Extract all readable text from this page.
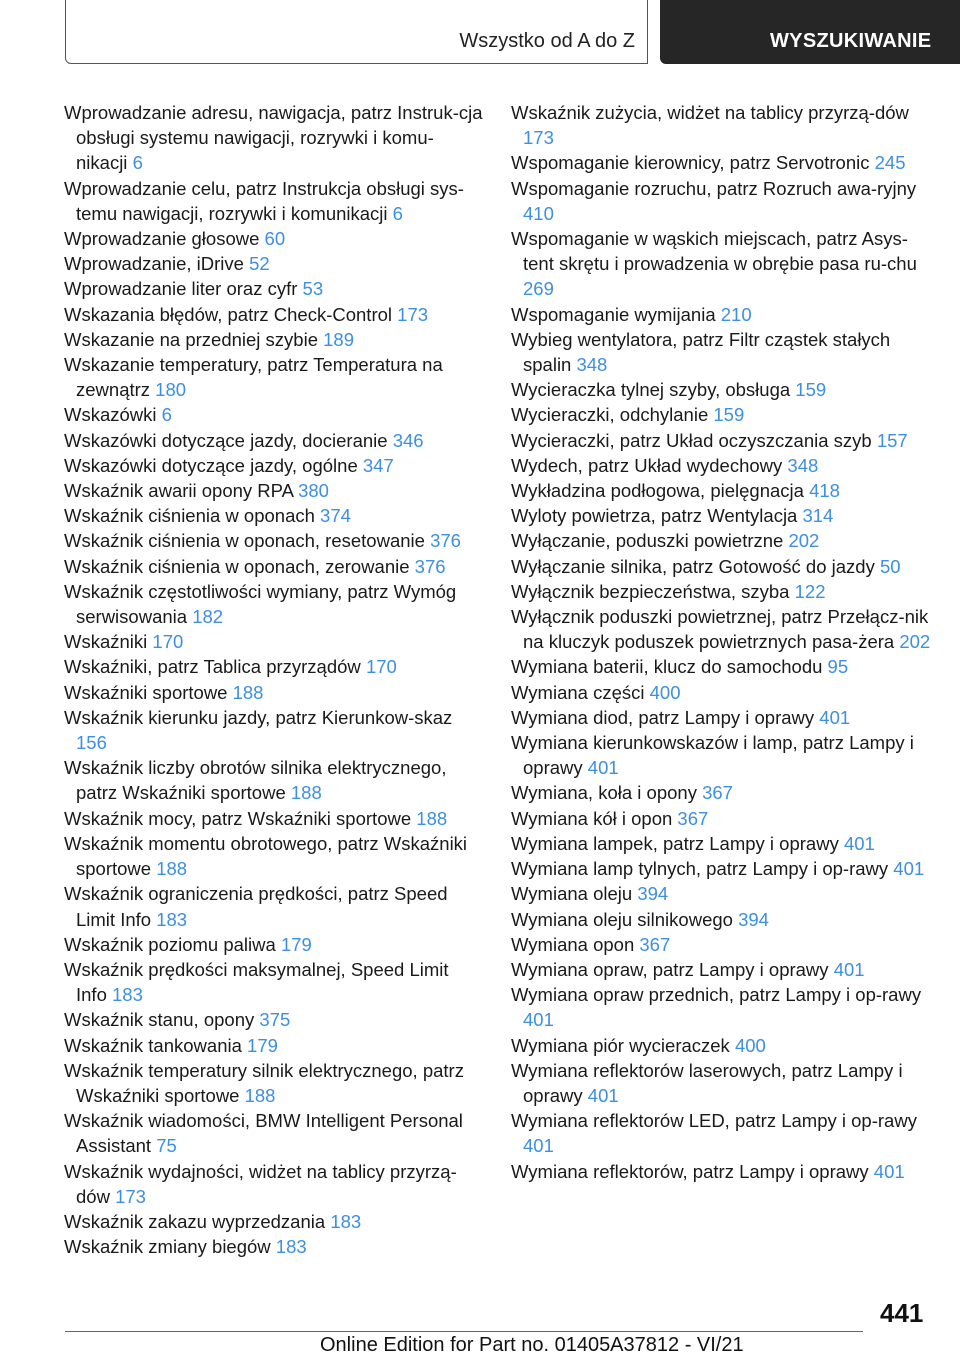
Wszystko od A do Z	WYSZUKIWANIE

Wprowadzanie adresu, nawigacja, patrz Instruk-cja obsługi systemu nawigacji, rozrywki i komu-nikacji 6

Wprowadzanie celu, patrz Instrukcja obsługi sys-temu nawigacji, rozrywki i komunikacji 6

Wprowadzanie głosowe 60

Wprowadzanie, iDrive 52

Wprowadzanie liter oraz cyfr 53

Wskazania błędów, patrz Check-Control 173

Wskazanie na przedniej szybie 189

Wskazanie temperatury, patrz Temperatura na zewnątrz 180

Wskazówki 6

Wskazówki dotyczące jazdy, docieranie 346

Wskazówki dotyczące jazdy, ogólne 347

Wskaźnik awarii opony RPA 380

Wskaźnik ciśnienia w oponach 374

Wskaźnik ciśnienia w oponach, resetowanie 376

Wskaźnik ciśnienia w oponach, zerowanie 376

Wskaźnik częstotliwości wymiany, patrz Wymóg serwisowania 182

Wskaźniki 170

Wskaźniki, patrz Tablica przyrządów 170

Wskaźniki sportowe 188

Wskaźnik kierunku jazdy, patrz Kierunkow-skaz 156

Wskaźnik liczby obrotów silnika elektrycznego, patrz Wskaźniki sportowe 188

Wskaźnik mocy, patrz Wskaźniki sportowe 188

Wskaźnik momentu obrotowego, patrz Wskaźniki sportowe 188

Wskaźnik ograniczenia prędkości, patrz Speed Limit Info 183

Wskaźnik poziomu paliwa 179

Wskaźnik prędkości maksymalnej, Speed Limit Info 183

Wskaźnik stanu, opony 375

Wskaźnik tankowania 179

Wskaźnik temperatury silnik elektrycznego, patrz Wskaźniki sportowe 188

Wskaźnik wiadomości, BMW Intelligent Personal Assistant 75

Wskaźnik wydajności, widżet na tablicy przyrzą-dów 173

Wskaźnik zakazu wyprzedzania 183

Wskaźnik zmiany biegów 183

Wskaźnik zużycia, widżet na tablicy przyrzą-dów 173

Wspomaganie kierownicy, patrz Servotronic 245

Wspomaganie rozruchu, patrz Rozruch awa-ryjny 410

Wspomaganie w wąskich miejscach, patrz Asys-tent skrętu i prowadzenia w obrębie pasa ru-chu 269

Wspomaganie wymijania 210

Wybieg wentylatora, patrz Filtr cząstek stałych spalin 348

Wycieraczka tylnej szyby, obsługa 159

Wycieraczki, odchylanie 159

Wycieraczki, patrz Układ oczyszczania szyb 157

Wydech, patrz Układ wydechowy 348

Wykładzina podłogowa, pielęgnacja 418

Wyloty powietrza, patrz Wentylacja 314

Wyłączanie, poduszki powietrzne 202

Wyłączanie silnika, patrz Gotowość do jazdy 50

Wyłącznik bezpieczeństwa, szyba 122

Wyłącznik poduszki powietrznej, patrz Przełącz-nik na kluczyk poduszek powietrznych pasa-żera 202

Wymiana baterii, klucz do samochodu 95

Wymiana części 400

Wymiana diod, patrz Lampy i oprawy 401

Wymiana kierunkowskazów i lamp, patrz Lampy i oprawy 401

Wymiana, koła i opony 367

Wymiana kół i opon 367

Wymiana lampek, patrz Lampy i oprawy 401

Wymiana lamp tylnych, patrz Lampy i op-rawy 401

Wymiana oleju 394

Wymiana oleju silnikowego 394

Wymiana opon 367

Wymiana opraw, patrz Lampy i oprawy 401

Wymiana opraw przednich, patrz Lampy i op-rawy 401

Wymiana piór wycieraczek 400

Wymiana reflektorów laserowych, patrz Lampy i oprawy 401

Wymiana reflektorów LED, patrz Lampy i op-rawy 401

Wymiana reflektorów, patrz Lampy i oprawy 401

441
Online Edition for Part no. 01405A37812 - VI/21
